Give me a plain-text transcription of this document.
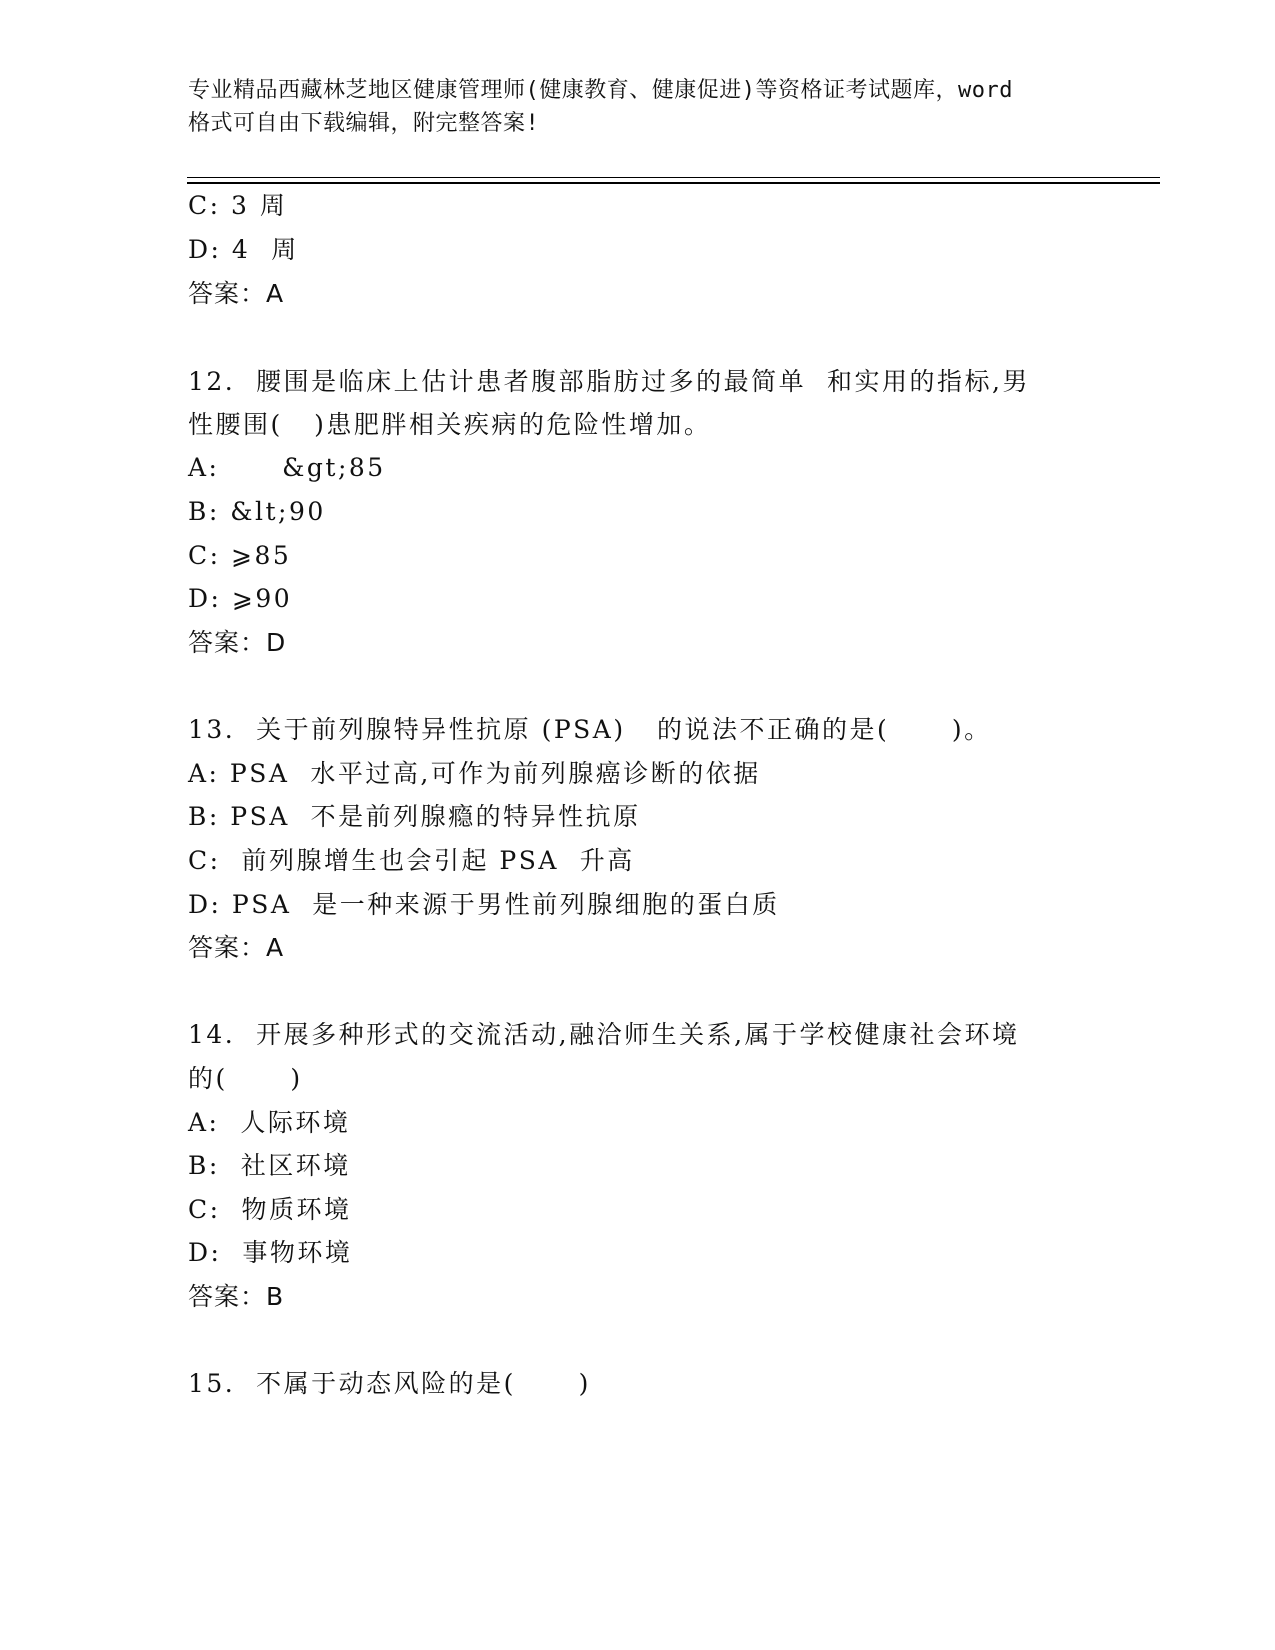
专业精品西藏林芝地区健康管理师(健康教育、健康促进)等资格证考试题库，word
格式可自由下载编辑，附完整答案!
C: 3 周
D: 4  周
答案：A
12.  腰围是临床上估计患者腹部脂肪过多的最简单  和实用的指标,男
性腰围(   )患肥胖相关疾病的危险性增加。
A:      &gt;85
B: &lt;90
C: ⩾85
D: ⩾90
答案：D
13.  关于前列腺特异性抗原 (PSA)   的说法不正确的是(      )。
A: PSA  水平过高,可作为前列腺癌诊断的依据
B: PSA  不是前列腺瘾的特异性抗原
C:  前列腺增生也会引起 PSA  升高
D: PSA  是一种来源于男性前列腺细胞的蛋白质
答案：A
14.  开展多种形式的交流活动,融洽师生关系,属于学校健康社会环境
的(      )
A:  人际环境
B:  社区环境
C:  物质环境
D:  事物环境
答案：B
15.  不属于动态风险的是(      )
